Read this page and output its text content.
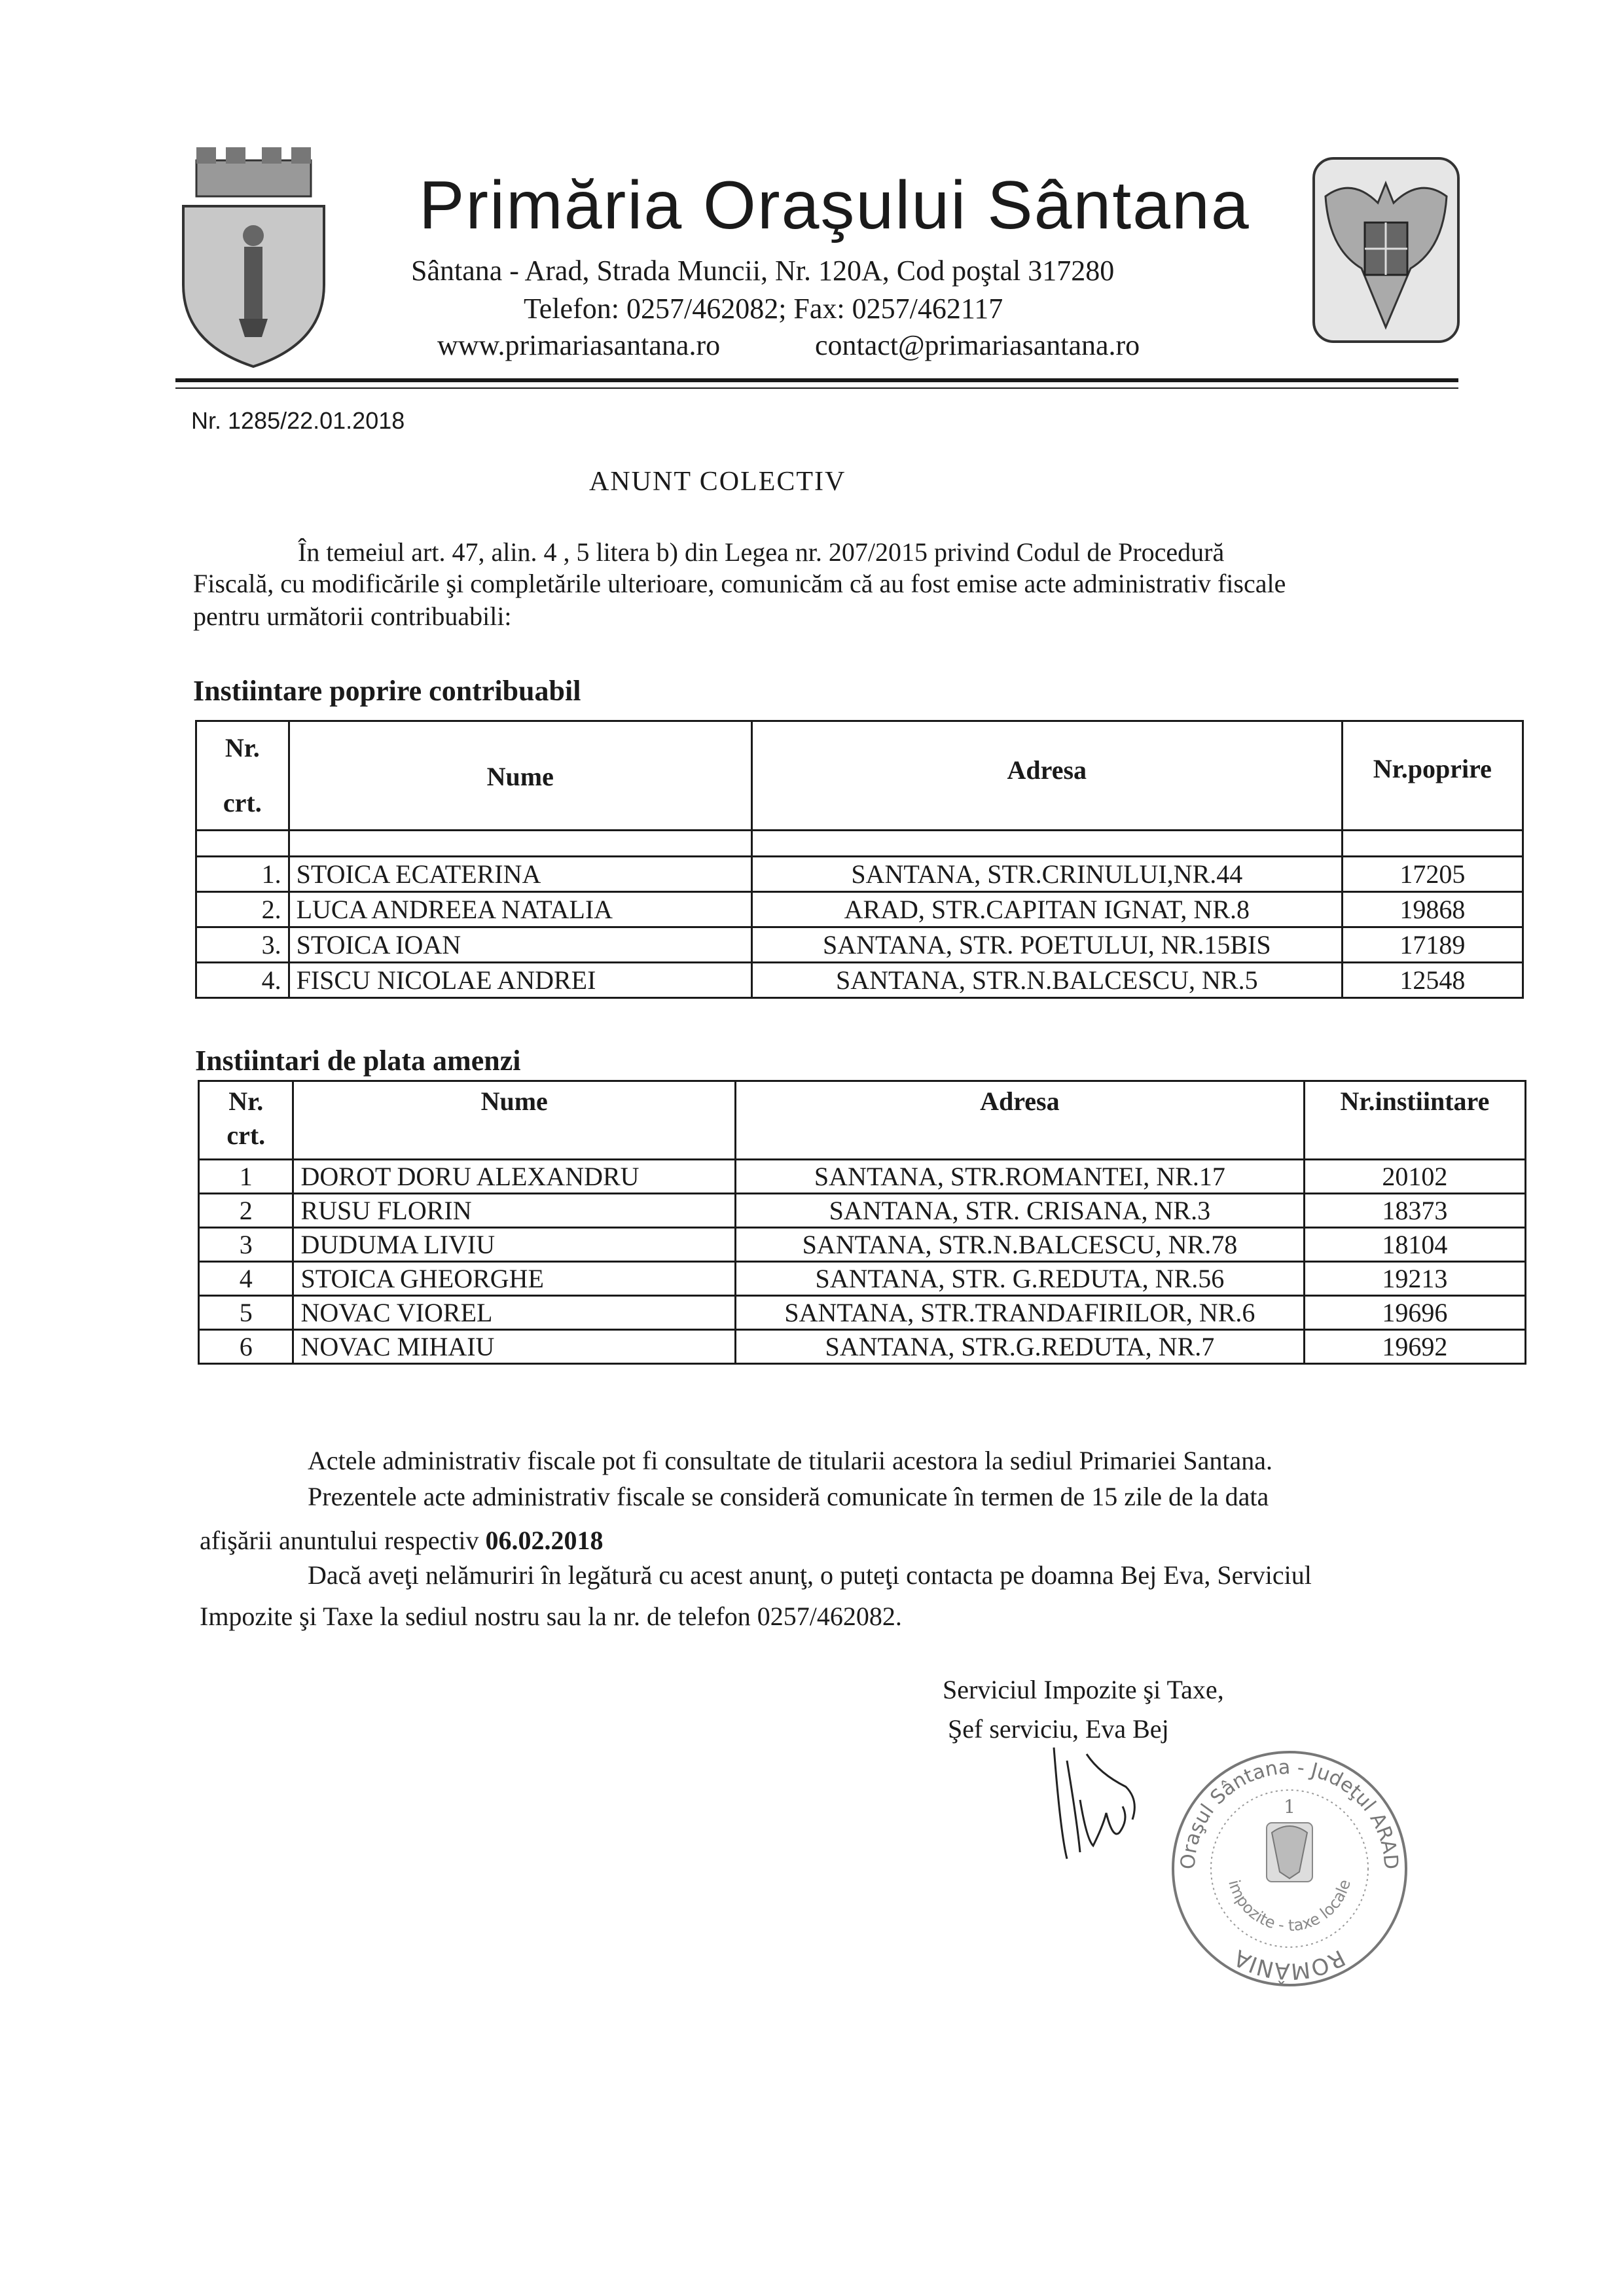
Primăria Oraşului Sântana
Sântana - Arad, Strada Muncii, Nr. 120A, Cod poştal 317280
Telefon: 0257/462082; Fax: 0257/462117
www.primariasantana.ro	contact@primariasantana.ro
Nr. 1285/22.01.2018
ANUNT COLECTIV
În temeiul art. 47, alin. 4 , 5 litera b) din Legea nr. 207/2015 privind Codul de Procedură
Fiscală, cu modificările şi completările ulterioare, comunicăm că au fost emise acte administrativ fiscale
pentru următorii contribuabili:
Instiintare poprire contribuabil
Nr.
crt.	Nume	Adresa	Nr.poprire

1.	STOICA ECATERINA	SANTANA, STR.CRINULUI,NR.44	17205
2.	LUCA ANDREEA NATALIA	ARAD, STR.CAPITAN IGNAT, NR.8	19868
3.	STOICA IOAN	SANTANA, STR. POETULUI, NR.15BIS	17189
4.	FISCU NICOLAE ANDREI	SANTANA, STR.N.BALCESCU, NR.5	12548
Instiintari de plata amenzi
Nr.
crt.	Nume	Adresa	Nr.instiintare
1	DOROT DORU ALEXANDRU	SANTANA, STR.ROMANTEI, NR.17	20102
2	RUSU FLORIN	SANTANA, STR. CRISANA, NR.3	18373
3	DUDUMA LIVIU	SANTANA, STR.N.BALCESCU, NR.78	18104
4	STOICA GHEORGHE	SANTANA, STR. G.REDUTA, NR.56	19213
5	NOVAC VIOREL	SANTANA, STR.TRANDAFIRILOR, NR.6	19696
6	NOVAC MIHAIU	SANTANA, STR.G.REDUTA, NR.7	19692
Actele administrativ fiscale pot fi consultate de titularii acestora la sediul Primariei Santana.
Prezentele acte administrativ fiscale se consideră comunicate în termen de 15 zile de la data
afişării anuntului respectiv 06.02.2018
Dacă aveţi nelămuriri în legătură cu acest anunţ, o puteţi contacta pe doamna Bej Eva, Serviciul
Impozite şi Taxe la sediul nostru sau la nr. de telefon 0257/462082.
Serviciul Impozite şi Taxe,
Şef serviciu, Eva Bej
ROMÂNIA
Oraşul Sântana - Judeţul ARAD
impozite - taxe locale
1
